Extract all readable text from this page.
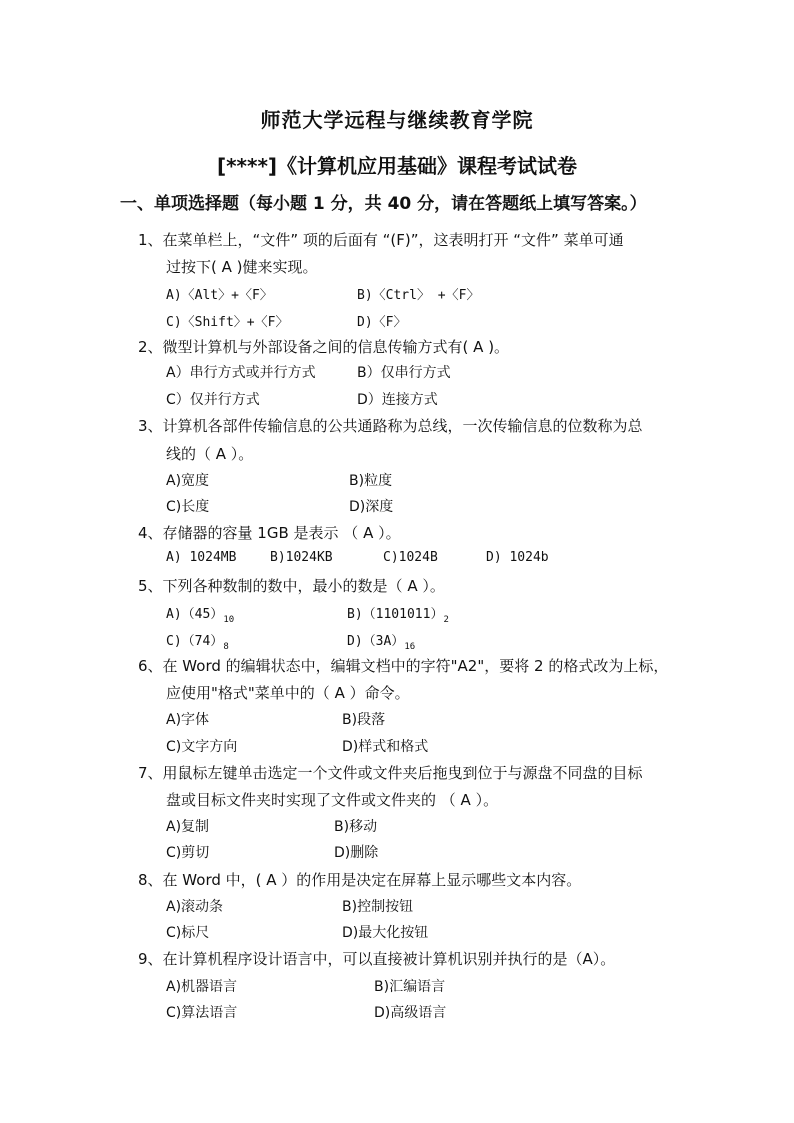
师范大学远程与继续教育学院
[****]《计算机应用基础》课程考试试卷
一、单项选择题（每小题 1 分，共 40 分，请在答题纸上填写答案。）
1、在菜单栏上，“文件” 项的后面有 “(F)”，这表明打开 “文件” 菜单可通
过按下( A )健来实现。
A)〈Alt〉+〈F〉	B)〈Ctrl〉 +〈F〉
C)〈Shift〉+〈F〉	D)〈F〉
2、微型计算机与外部设备之间的信息传输方式有( A )。
A）串行方式或并行方式	B）仅串行方式
C）仅并行方式	D）连接方式
3、计算机各部件传输信息的公共通路称为总线，一次传输信息的位数称为总
线的（ A ）。
A)宽度	B)粒度
C)长度	D)深度
4、存储器的容量 1GB 是表示 （ A ）。
A) 1024MB	B)1024KB	C)1024B	D) 1024b
5、下列各种数制的数中，最小的数是（ A ）。
$A)(45)_{10}$	$B)(1101011)_2$
$C)(74)_8$	$D)(3A)_{16}$
6、在 Word 的编辑状态中，编辑文档中的字符"A2"，要将 2 的格式改为上标，
应使用"格式"菜单中的（ A ）命令。
A)字体	B)段落
C)文字方向	D)样式和格式
7、用鼠标左键单击选定一个文件或文件夹后拖曳到位于与源盘不同盘的目标
盘或目标文件夹时实现了文件或文件夹的 （ A ）。
A)复制	B)移动
C)剪切	D)删除
8、在 Word 中，( A ）的作用是决定在屏幕上显示哪些文本内容。
A)滚动条	B)控制按钮
C)标尺	D)最大化按钮
9、在计算机程序设计语言中，可以直接被计算机识别并执行的是（A）。
A)机器语言	B)汇编语言
C)算法语言	D)高级语言
